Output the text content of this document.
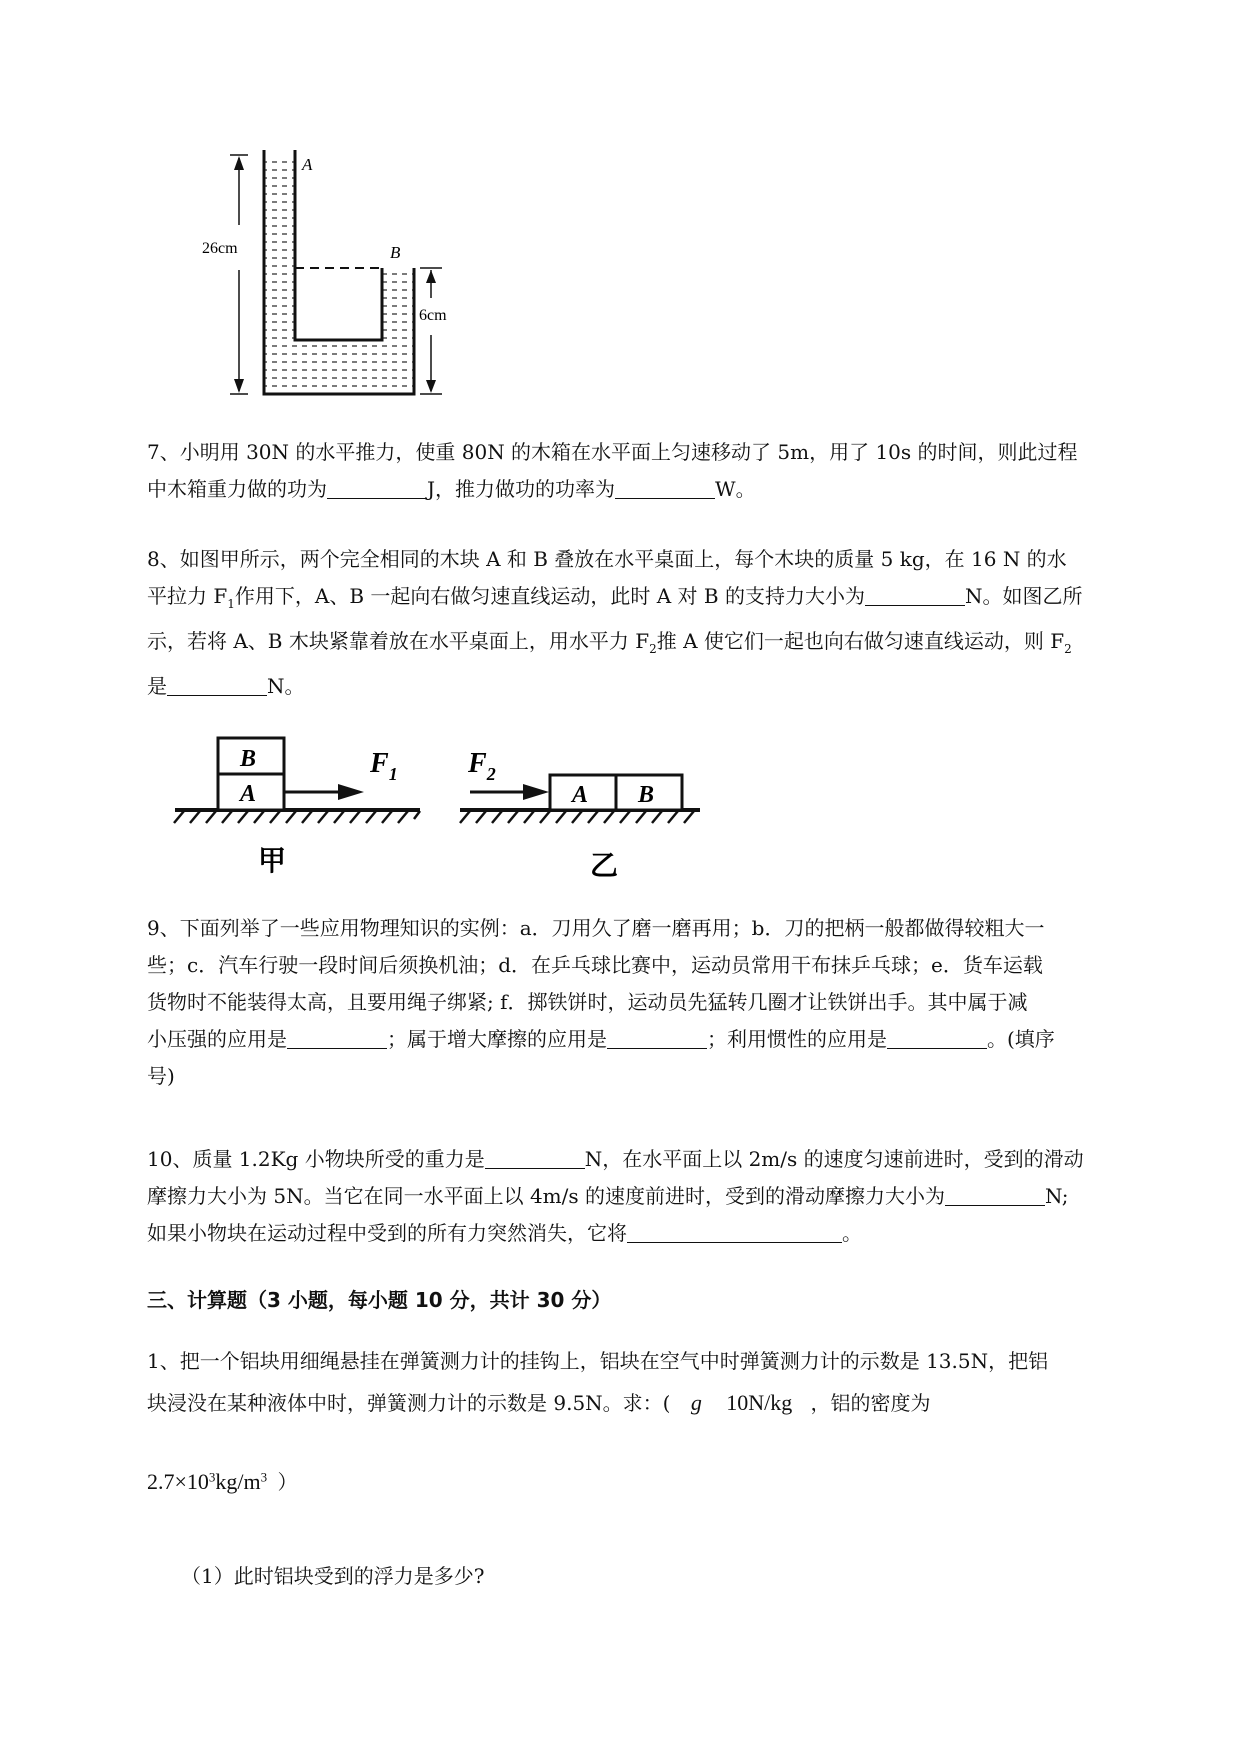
A
B
26cm
6cm
7、小明用 30N 的水平推力，使重 80N 的木箱在水平面上匀速移动了 5m，用了 10s 的时间，则此过程
中木箱重力做的功为	J，推力做功的功率为	W。
8、如图甲所示，两个完全相同的木块 A 和 B 叠放在水平桌面上，每个木块的质量 5 kg，在 16 N 的水
平拉力 $F_1$作用下，A、B 一起向右做匀速直线运动，此时 A 对 B 的支持力大小为	N。如图乙所
示，若将 A、B 木块紧靠着放在水平桌面上，用水平力 $F_2$推 A 使它们一起也向右做匀速直线运动，则 $F_2$
是	N。
A
B	$F_1$
甲
A B
$F_2$
乙
9、下面列举了一些应用物理知识的实例：a．刀用久了磨一磨再用；b．刀的把柄一般都做得较粗大一
些；c．汽车行驶一段时间后须换机油；d．在乒乓球比赛中，运动员常用干布抹乒乓球；e．货车运载
货物时不能装得太高，且要用绳子绑紧; f．掷铁饼时，运动员先猛转几圈才让铁饼出手。其中属于减
小压强的应用是	；属于增大摩擦的应用是	；利用惯性的应用是	。(填序
号)
10、质量 1.2Kg 小物块所受的重力是	N，在水平面上以 2m/s 的速度匀速前进时，受到的滑动
摩擦力大小为 5N。当它在同一水平面上以 4m/s 的速度前进时，受到的滑动摩擦力大小为	N;
如果小物块在运动过程中受到的所有力突然消失，它将	。
三、计算题（3 小题，每小题 10 分，共计 30 分）
1、把一个铝块用细绳悬挂在弹簧测力计的挂钩上，铝块在空气中时弹簧测力计的示数是 13.5N，把铝
块浸没在某种液体中时，弹簧测力计的示数是 9.5N。求：( g 10N/kg ，铝的密度为
$2.7\times 10^3kg/m^3$ ）
（1）此时铝块受到的浮力是多少?
